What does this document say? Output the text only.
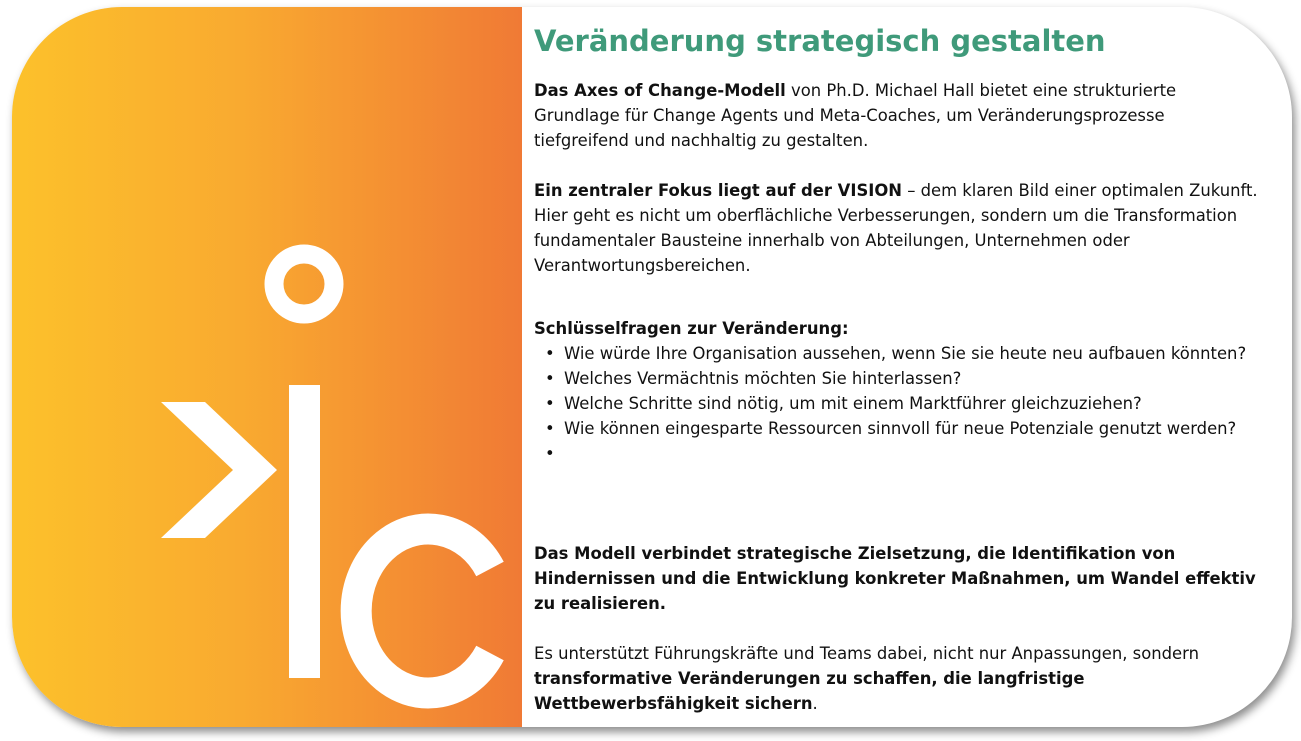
Veränderung strategisch gestalten

Das Axes of Change-Modell von Ph.D. Michael Hall bietet eine strukturierte Grundlage für Change Agents und Meta-Coaches, um Veränderungsprozesse tiefgreifend und nachhaltig zu gestalten.

Ein zentraler Fokus liegt auf der VISION – dem klaren Bild einer optimalen Zukunft. Hier geht es nicht um oberflächliche Verbesserungen, sondern um die Transformation fundamentaler Bausteine innerhalb von Abteilungen, Unternehmen oder Verantwortungsbereichen.

Schlüsselfragen zur Veränderung:

• Wie würde Ihre Organisation aussehen, wenn Sie sie heute neu aufbauen könnten?
• Welches Vermächtnis möchten Sie hinterlassen?
• Welche Schritte sind nötig, um mit einem Marktführer gleichzuziehen?
• Wie können eingesparte Ressourcen sinnvoll für neue Potenziale genutzt werden?
•

Das Modell verbindet strategische Zielsetzung, die Identifikation von Hindernissen und die Entwicklung konkreter Maßnahmen, um Wandel effektiv zu realisieren.

Es unterstützt Führungskräfte und Teams dabei, nicht nur Anpassungen, sondern transformative Veränderungen zu schaffen, die langfristige Wettbewerbsfähigkeit sichern.
